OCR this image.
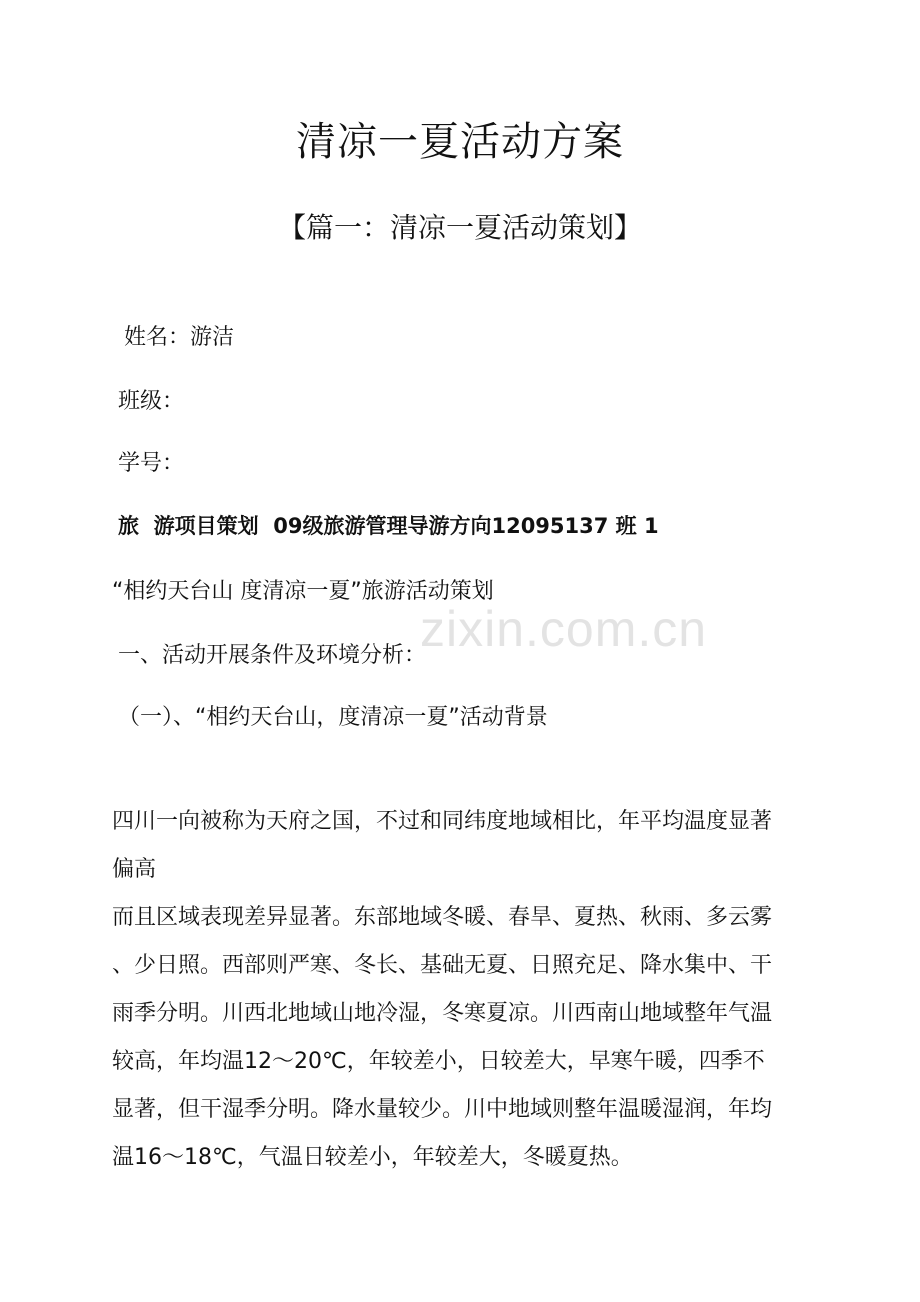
清凉一夏活动方案
【篇一：清凉一夏活动策划】

姓名：游洁

班级：

学号：

旅  游项目策划  09级旅游管理导游方向12095137 班 1

“相约天台山 度清凉一夏”旅游活动策划

一、活动开展条件及环境分析：

（一）、“相约天台山，度清凉一夏”活动背景

四川一向被称为天府之国，不过和同纬度地域相比，年平均温度显著

偏高

而且区域表现差异显著。东部地域冬暖、春旱、夏热、秋雨、多云雾

、少日照。西部则严寒、冬长、基础无夏、日照充足、降水集中、干

雨季分明。川西北地域山地冷湿，冬寒夏凉。川西南山地域整年气温

较高，年均温12～20℃，年较差小，日较差大，早寒午暖，四季不

显著，但干湿季分明。降水量较少。川中地域则整年温暖湿润，年均

温16～18℃，气温日较差小，年较差大，冬暖夏热。

zixin.com.cn
